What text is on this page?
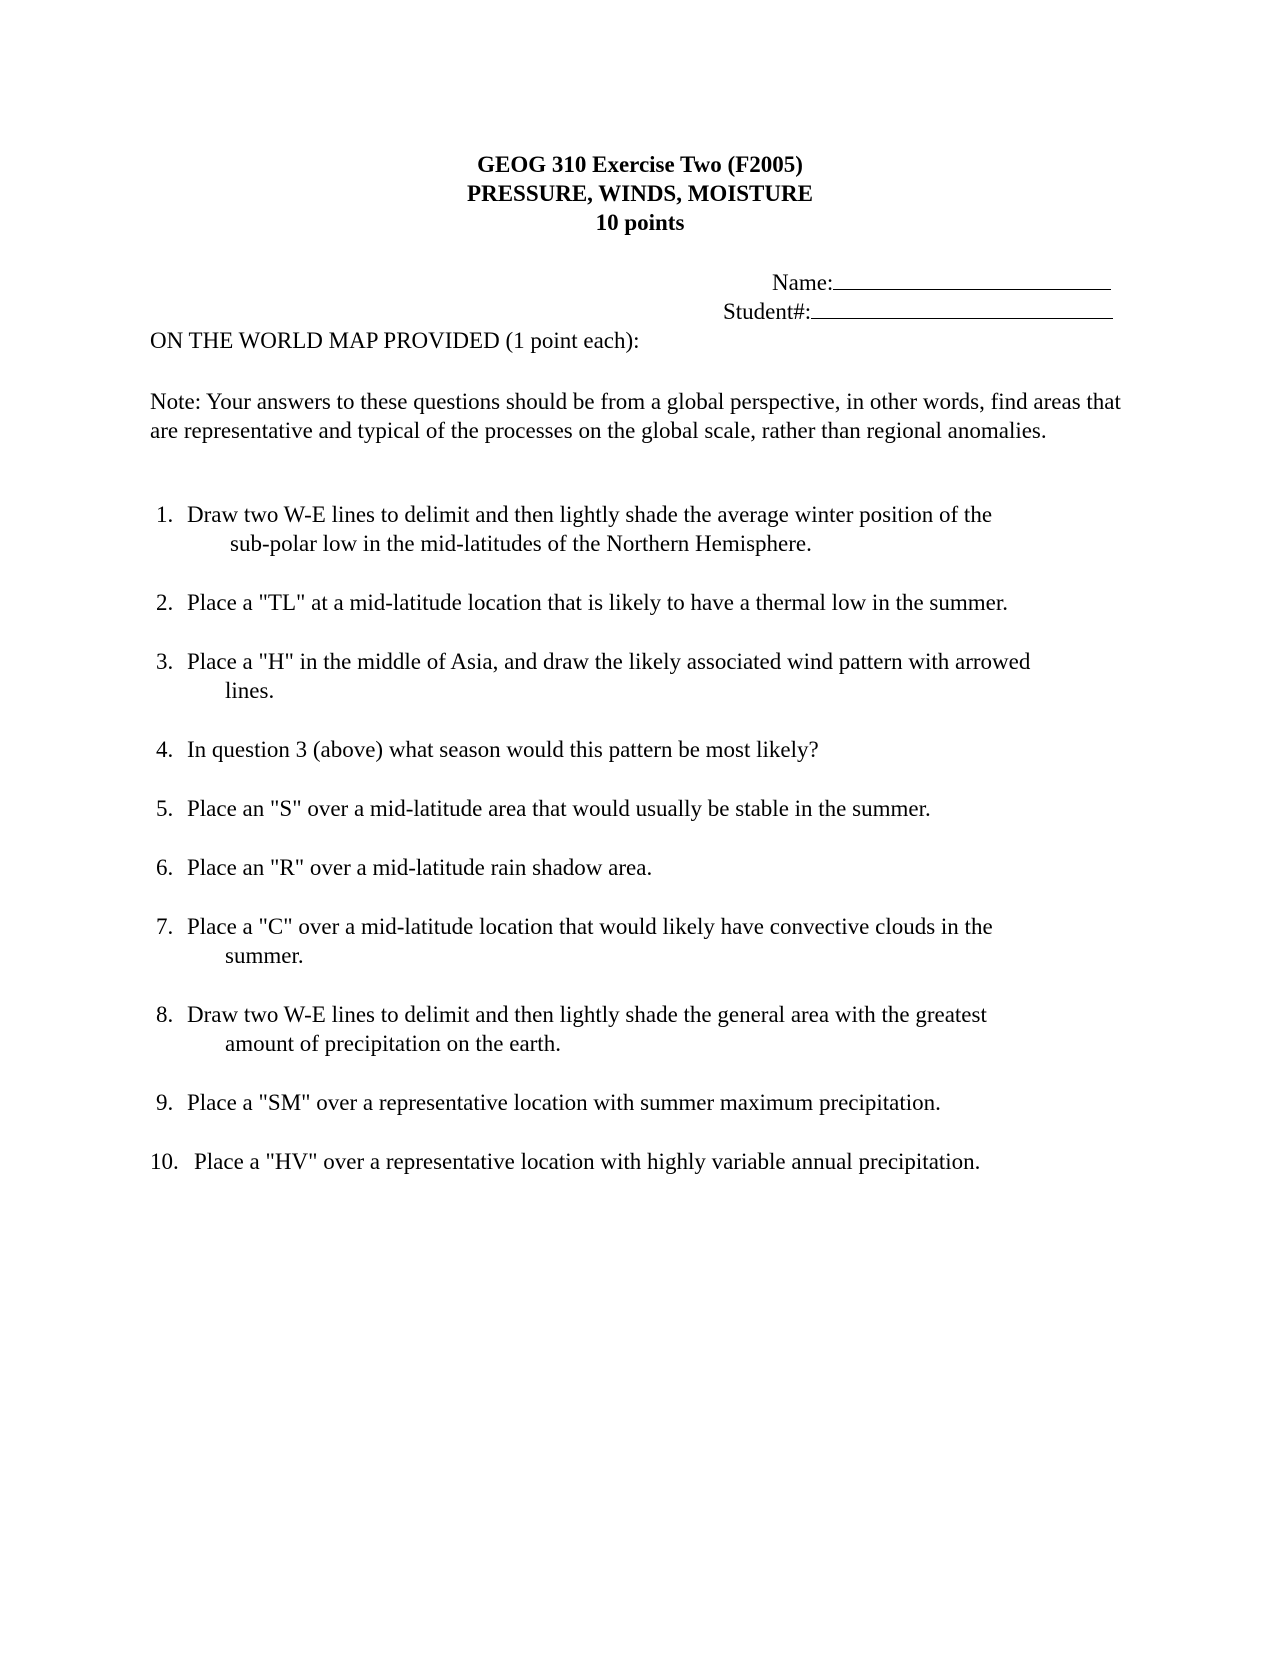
GEOG 310 Exercise Two (F2005)
PRESSURE, WINDS, MOISTURE
10 points
Name:
Student#:
ON THE WORLD MAP PROVIDED (1 point each):
Note: Your answers to these questions should be from a global perspective, in other words, find areas that are representative and typical of the processes on the global scale, rather than regional anomalies.
1. Draw two W-E lines to delimit and then lightly shade the average winter position of the
sub-polar low in the mid-latitudes of the Northern Hemisphere.
2. Place a "TL" at a mid-latitude location that is likely to have a thermal low in the summer.
3. Place a "H" in the middle of Asia, and draw the likely associated wind pattern with arrowed
lines.
4. In question 3 (above) what season would this pattern be most likely?
5. Place an "S" over a mid-latitude area that would usually be stable in the summer.
6. Place an "R" over a mid-latitude rain shadow area.
7. Place a "C" over a mid-latitude location that would likely have convective clouds in the
summer.
8. Draw two W-E lines to delimit and then lightly shade the general area with the greatest
amount of precipitation on the earth.
9. Place a "SM" over a representative location with summer maximum precipitation.
10. Place a "HV" over a representative location with highly variable annual precipitation.
